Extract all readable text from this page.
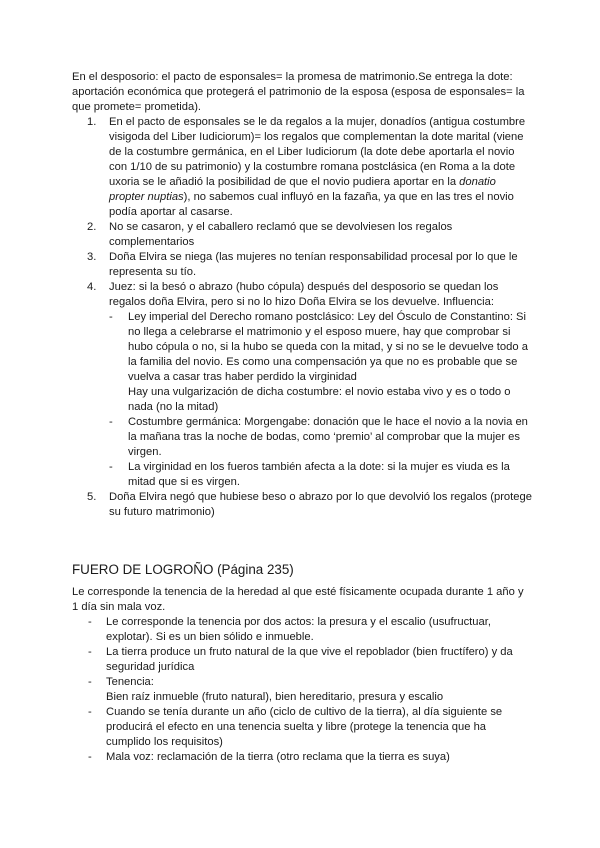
En el desposorio: el pacto de esponsales= la promesa de matrimonio.Se entrega la dote: aportación económica que protegerá el patrimonio de la esposa (esposa de esponsales= la que promete= prometida).

1. En el pacto de esponsales se le da regalos a la mujer, donadíos (antigua costumbre visigoda del Liber Iudiciorum)= los regalos que complementan la dote marital (viene de la costumbre germánica, en el Liber Iudiciorum (la dote debe aportarla el novio con 1/10 de su patrimonio) y la costumbre romana postclásica (en Roma a la dote uxoria se le añadió la posibilidad de que el novio pudiera aportar en la donatio propter nuptias), no sabemos cual influyó en la fazaña, ya que en las tres el novio podía aportar al casarse.
2. No se casaron, y el caballero reclamó que se devolviesen los regalos complementarios
3. Doña Elvira se niega (las mujeres no tenían responsabilidad procesal por lo que le representa su tío.
4. Juez: si la besó o abrazo (hubo cópula) después del desposorio se quedan los regalos doña Elvira, pero si no lo hizo Doña Elvira se los devuelve. Influencia:
- Ley imperial del Derecho romano postclásico: Ley del Ósculo de Constantino: Si no llega a celebrarse el matrimonio y el esposo muere, hay que comprobar si hubo cópula o no, si la hubo se queda con la mitad, y si no se le devuelve todo a la familia del novio. Es como una compensación ya que no es probable que se vuelva a casar tras haber perdido la virginidad
Hay una vulgarización de dicha costumbre: el novio estaba vivo y es o todo o nada (no la mitad)
- Costumbre germánica: Morgengabe: donación que le hace el novio a la novia en la mañana tras la noche de bodas, como ‘premio’ al comprobar que la mujer es virgen.
- La virginidad en los fueros también afecta a la dote: si la mujer es viuda es la mitad que si es virgen.
5. Doña Elvira negó que hubiese beso o abrazo por lo que devolvió los regalos (protege su futuro matrimonio)
FUERO DE LOGROÑO (Página 235)

Le corresponde la tenencia de la heredad al que esté físicamente ocupada durante 1 año y 1 día sin mala voz.

- Le corresponde la tenencia por dos actos: la presura y el escalio (usufructuar, explotar). Si es un bien sólido e inmueble.
- La tierra produce un fruto natural de la que vive el repoblador (bien fructífero) y da seguridad jurídica
- Tenencia:
Bien raíz inmueble (fruto natural), bien hereditario, presura y escalio
- Cuando se tenía durante un año (ciclo de cultivo de la tierra), al día siguiente se producirá el efecto en una tenencia suelta y libre (protege la tenencia que ha cumplido los requisitos)
- Mala voz: reclamación de la tierra (otro reclama que la tierra es suya)
